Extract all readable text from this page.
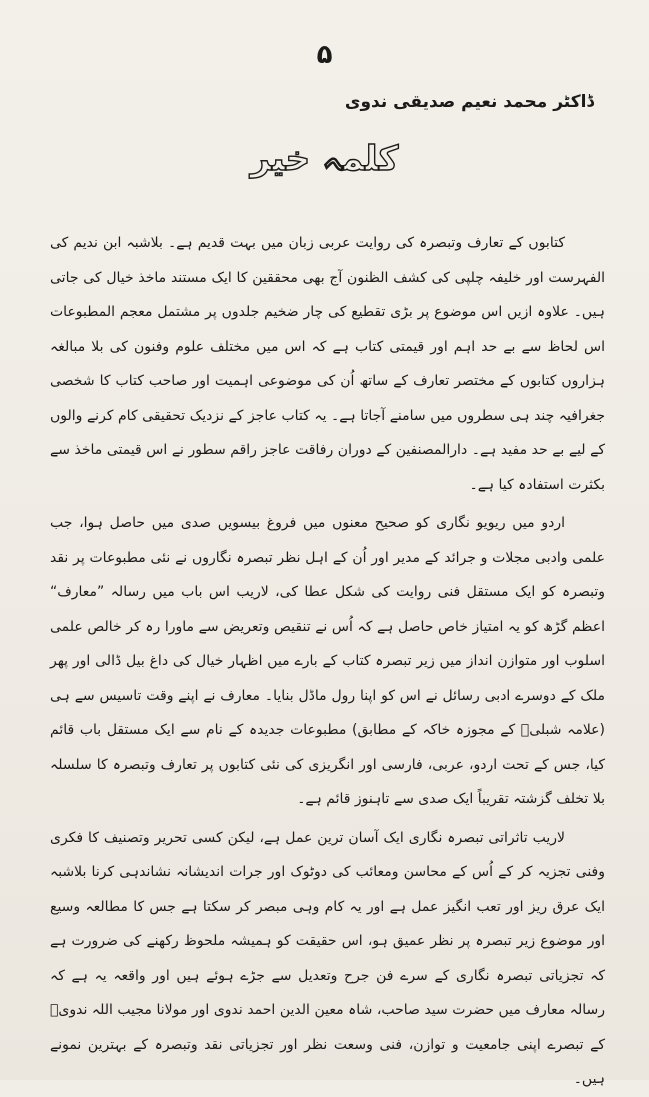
۵
ڈاکٹر محمد نعیم صدیقی ندوی
کلمہ خیر

کتابوں کے تعارف وتبصرہ کی روایت عربی زبان میں بہت قدیم ہے۔ بلاشبہ ابن ندیم کی الفہرست اور خلیفہ چلپی کی کشف الظنون آج بھی محققین کا ایک مستند ماخذ خیال کی جاتی ہیں۔ علاوہ ازیں اس موضوع پر بڑی تقطیع کی چار ضخیم جلدوں پر مشتمل معجم المطبوعات اس لحاظ سے بے حد اہم اور قیمتی کتاب ہے کہ اس میں مختلف علوم وفنون کی بلا مبالغہ ہزاروں کتابوں کے مختصر تعارف کے ساتھ اُن کی موضوعی اہمیت اور صاحب کتاب کا شخصی جغرافیہ چند ہی سطروں میں سامنے آجاتا ہے۔ یہ کتاب عاجز کے نزدیک تحقیقی کام کرنے والوں کے لیے بے حد مفید ہے۔ دارالمصنفین کے دوران رفاقت عاجز راقم سطور نے اس قیمتی ماخذ سے بکثرت استفادہ کیا ہے۔

اردو میں ریویو نگاری کو صحیح معنوں میں فروغ بیسویں صدی میں حاصل ہوا، جب علمی وادبی مجلات و جرائد کے مدیر اور اُن کے اہل نظر تبصرہ نگاروں نے نئی مطبوعات پر نقد وتبصرہ کو ایک مستقل فنی روایت کی شکل عطا کی، لاریب اس باب میں رسالہ ”معارف“ اعظم گڑھ کو یہ امتیاز خاص حاصل ہے کہ اُس نے تنقیص وتعریض سے ماورا رہ کر خالص علمی اسلوب اور متوازن انداز میں زیر تبصرہ کتاب کے بارے میں اظہار خیال کی داغ بیل ڈالی اور پھر ملک کے دوسرے ادبی رسائل نے اس کو اپنا رول ماڈل بنایا۔ معارف نے اپنے وقت تاسیس سے ہی (علامہ شبلیؒ کے مجوزہ خاکہ کے مطابق) مطبوعات جدیدہ کے نام سے ایک مستقل باب قائم کیا، جس کے تحت اردو، عربی، فارسی اور انگریزی کی نئی کتابوں پر تعارف وتبصرہ کا سلسلہ بلا تخلف گزشتہ تقریباً ایک صدی سے تاہنوز قائم ہے۔

لاریب تاثراتی تبصرہ نگاری ایک آسان ترین عمل ہے، لیکن کسی تحریر وتصنیف کا فکری وفنی تجزیہ کر کے اُس کے محاسن ومعائب کی دوٹوک اور جرات اندیشانہ نشاندہی کرنا بلاشبہ ایک عرق ریز اور تعب انگیز عمل ہے اور یہ کام وہی مبصر کر سکتا ہے جس کا مطالعہ وسیع اور موضوع زیر تبصرہ پر نظر عمیق ہو، اس حقیقت کو ہمیشہ ملحوظ رکھنے کی ضرورت ہے کہ تجزیاتی تبصرہ نگاری کے سرے فن جرح وتعدیل سے جڑے ہوئے ہیں اور واقعہ یہ ہے کہ رسالہ معارف میں حضرت سید صاحب، شاہ معین الدین احمد ندوی اور مولانا مجیب اللہ ندویؒ کے تبصرے اپنی جامعیت و توازن، فنی وسعت نظر اور تجزیاتی نقد وتبصرہ کے بہترین نمونے ہیں۔
